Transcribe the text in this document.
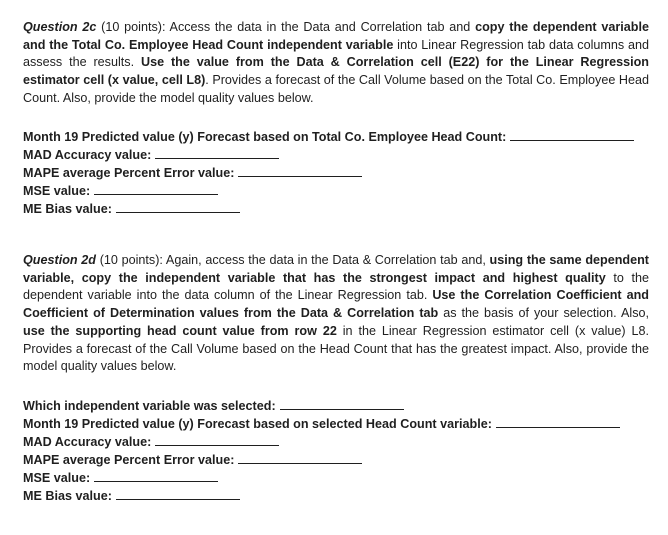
Question 2c (10 points): Access the data in the Data and Correlation tab and copy the dependent variable and the Total Co. Employee Head Count independent variable into Linear Regression tab data columns and assess the results. Use the value from the Data & Correlation cell (E22) for the Linear Regression estimator cell (x value, cell L8). Provides a forecast of the Call Volume based on the Total Co. Employee Head Count. Also, provide the model quality values below.
Month 19 Predicted value (y) Forecast based on Total Co. Employee Head Count:
MAD Accuracy value:
MAPE average Percent Error value:
MSE value:
ME Bias value:
Question 2d (10 points): Again, access the data in the Data & Correlation tab and, using the same dependent variable, copy the independent variable that has the strongest impact and highest quality to the dependent variable into the data column of the Linear Regression tab. Use the Correlation Coefficient and Coefficient of Determination values from the Data & Correlation tab as the basis of your selection. Also, use the supporting head count value from row 22 in the Linear Regression estimator cell (x value) L8. Provides a forecast of the Call Volume based on the Head Count that has the greatest impact. Also, provide the model quality values below.
Which independent variable was selected:
Month 19 Predicted value (y) Forecast based on selected Head Count variable:
MAD Accuracy value:
MAPE average Percent Error value:
MSE value:
ME Bias value:
